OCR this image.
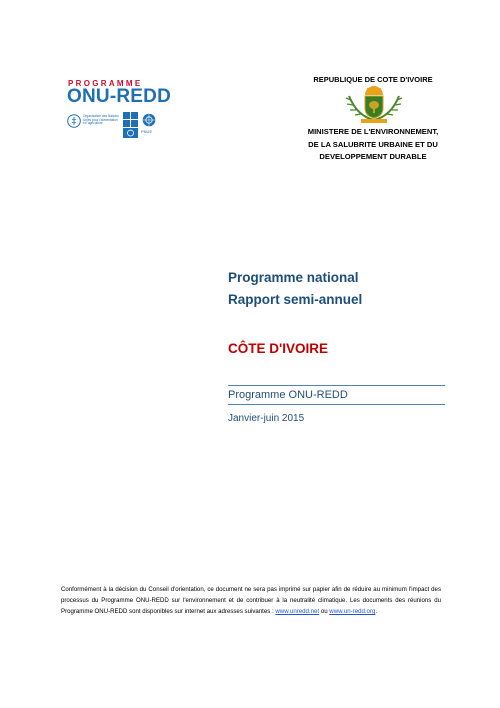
PROGRAMME
ONU-REDD
Organisation des Nations Unies pour l'alimentation et l'agriculture
PNUE
REPUBLIQUE DE COTE D'IVOIRE
MINISTERE DE L'ENVIRONNEMENT,
DE LA SALUBRITE URBAINE ET DU
DEVELOPPEMENT DURABLE
Programme national
Rapport semi-annuel
CÔTE D'IVOIRE
Programme ONU-REDD
Janvier-juin 2015
Conformément à la décision du Conseil d'orientation, ce document ne sera pas imprimé sur papier afin de réduire au minimum l'impact des processus du Programme ONU-REDD sur l'environnement et de contribuer à la neutralité climatique. Les documents des réunions du Programme ONU-REDD sont disponibles sur internet aux adresses suivantes : www.unredd.net ou www.un-redd.org.
